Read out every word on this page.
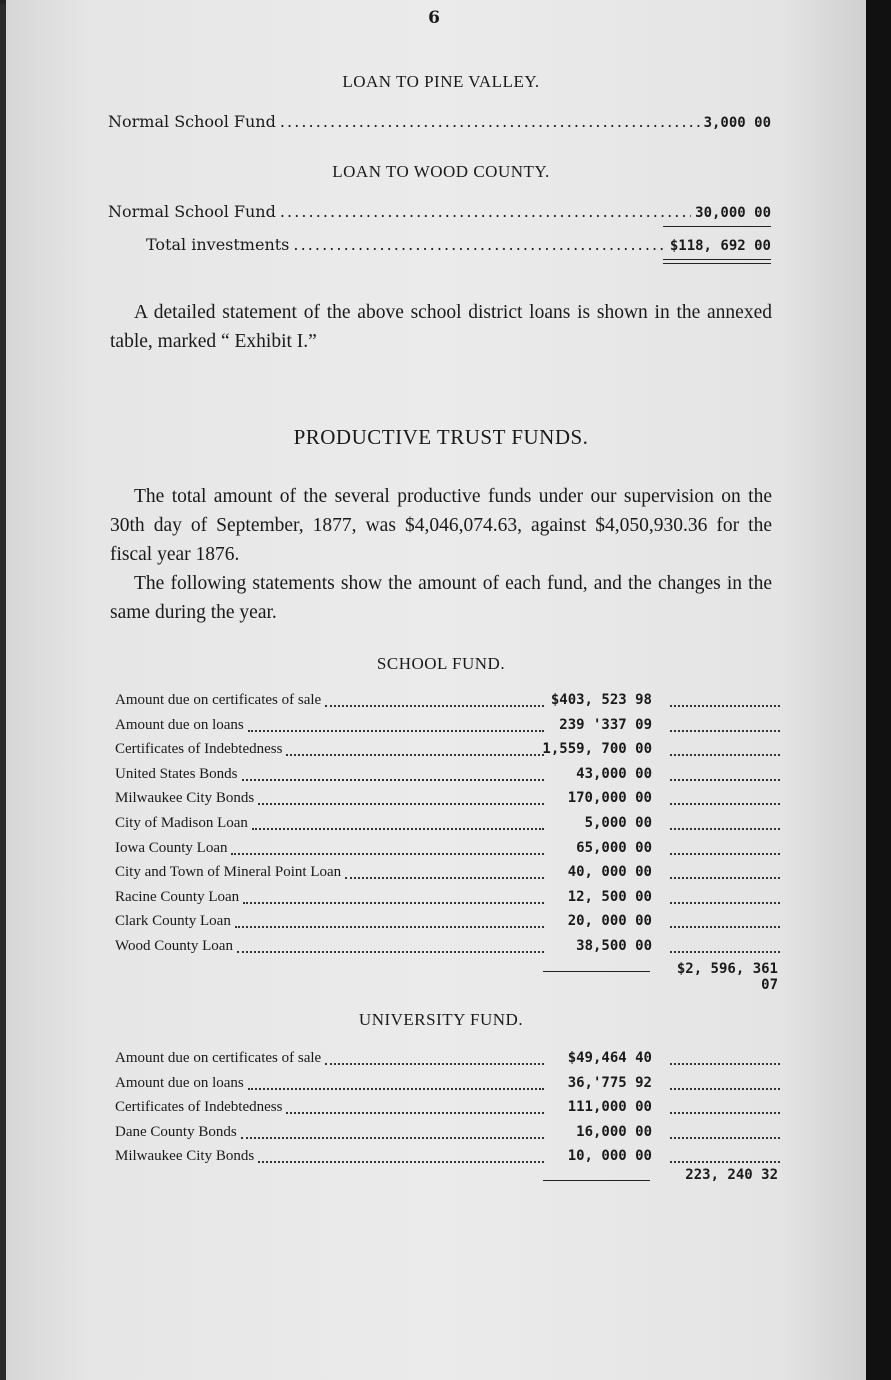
6
LOAN TO PINE VALLEY.
Normal School Fund . . .	3,000 00
LOAN TO WOOD COUNTY.
Normal School Fund . . .	30,000 00
Total investments . . .	$118, 692 00

A detailed statement of the above school district loans is shown in the annexed table, marked “ Exhibit I.”

PRODUCTIVE TRUST FUNDS.

The total amount of the several productive funds under our supervision on the 30th day of September, 1877, was $4,046,074.63, against $4,050,930.36 for the fiscal year 1876.

The following statements show the amount of each fund, and the changes in the same during the year.

SCHOOL FUND.
Amount due on certificates of sale	$403, 523 98
Amount due on loans	239 '337 09
Certificates of Indebtedness	1,559, 700 00
United States Bonds	43,000 00
Milwaukee City Bonds	170,000 00
City of Madison Loan	5,000 00
Iowa County Loan	65,000 00
City and Town of Mineral Point Loan	40, 000 00
Racine County Loan	12, 500 00
Clark County Loan	20, 000 00
Wood County Loan	38,500 00
$2, 596, 361 07
UNIVERSITY FUND.
Amount due on certificates of sale	$49,464 40
Amount due on loans	36,'775 92
Certificates of Indebtedness	111,000 00
Dane County Bonds	16,000 00
Milwaukee City Bonds	10, 000 00
223, 240 32
